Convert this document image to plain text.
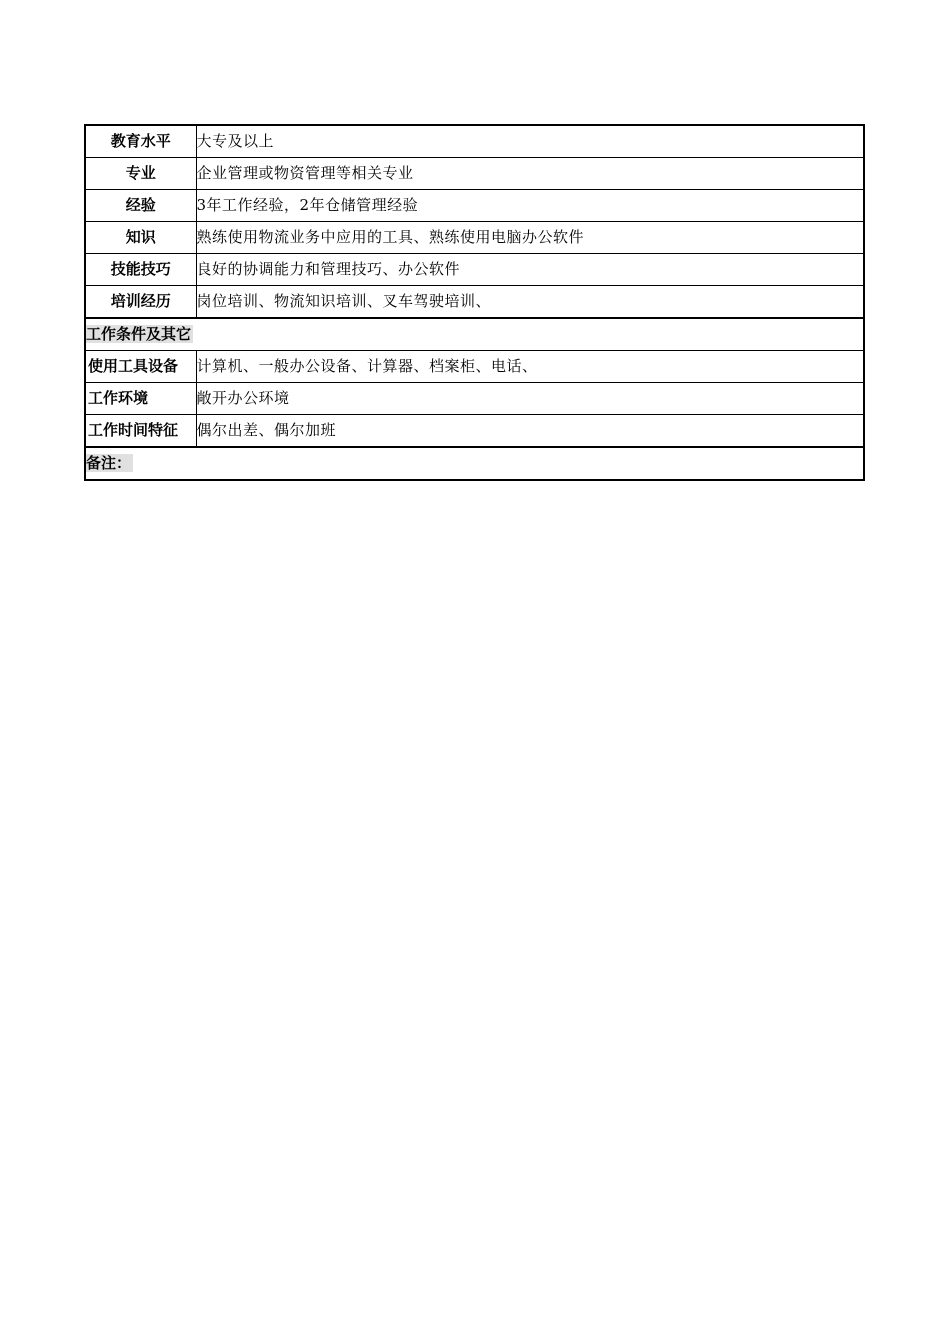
教育水平	大专及以上
专业	企业管理或物资管理等相关专业
经验	3年工作经验，2年仓储管理经验
知识	熟练使用物流业务中应用的工具、熟练使用电脑办公软件
技能技巧	良好的协调能力和管理技巧、办公软件
培训经历	岗位培训、物流知识培训、叉车驾驶培训、
工作条件及其它	
使用工具设备	计算机、一般办公设备、计算器、档案柜、电话、
工作环境	敞开办公环境
工作时间特征	偶尔出差、偶尔加班
备注：	
